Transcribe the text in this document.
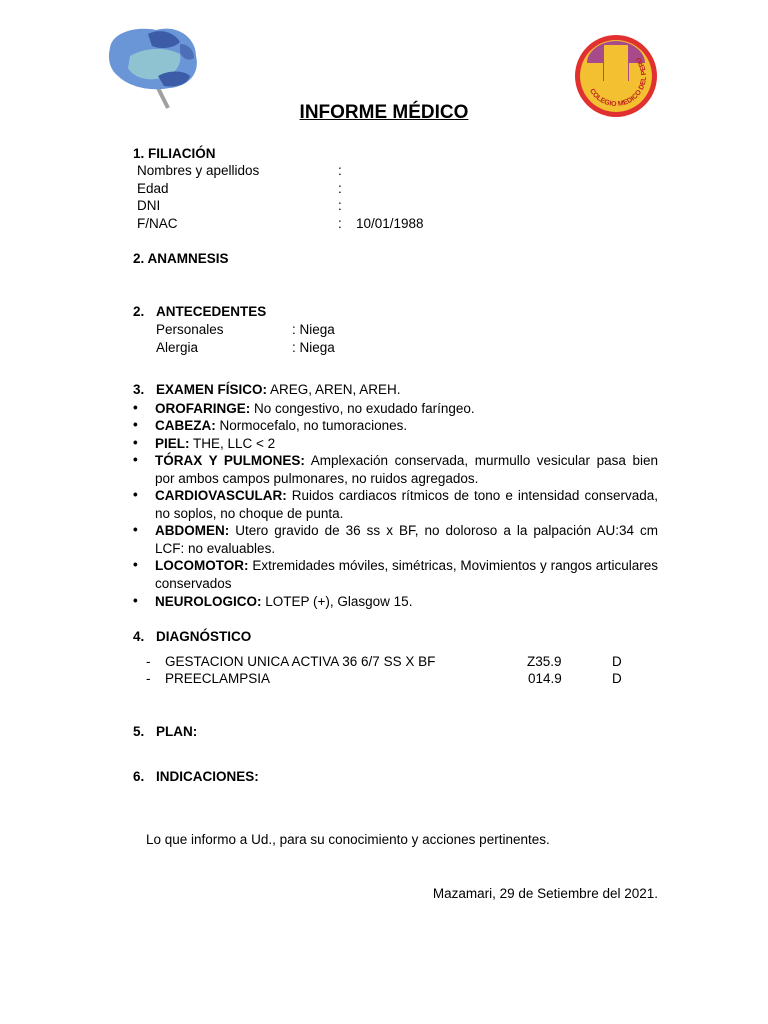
COLEGIO MEDICO DEL PERU
INFORME MÉDICO
1. FILIACIÓN
Nombres y apellidos	:
Edad	:
DNI	:
F/NAC	: 10/01/1988
2. ANAMNESIS
2. ANTECEDENTES
Personales	: Niega
Alergia	: Niega
3. EXAMEN FÍSICO: AREG, AREN, AREH.
• OROFARINGE: No congestivo, no exudado faríngeo.
• CABEZA: Normocefalo, no tumoraciones.
• PIEL: THE, LLC < 2
• TÓRAX Y PULMONES: Amplexación conservada, murmullo vesicular pasa bien por ambos campos pulmonares, no ruidos agregados.
• CARDIOVASCULAR: Ruidos cardiacos rítmicos de tono e intensidad conservada, no soplos, no choque de punta.
• ABDOMEN: Utero gravido de 36 ss x BF, no doloroso a la palpación AU:34 cm LCF: no evaluables.
• LOCOMOTOR: Extremidades móviles, simétricas, Movimientos y rangos articulares conservados
• NEUROLOGICO: LOTEP (+), Glasgow 15.
4. DIAGNÓSTICO
- GESTACION UNICA ACTIVA 36 6/7 SS X BF	Z35.9	D
- PREECLAMPSIA	014.9	D
5. PLAN:
6. INDICACIONES:
Lo que informo a Ud., para su conocimiento y acciones pertinentes.
Mazamari, 29 de Setiembre del 2021.
